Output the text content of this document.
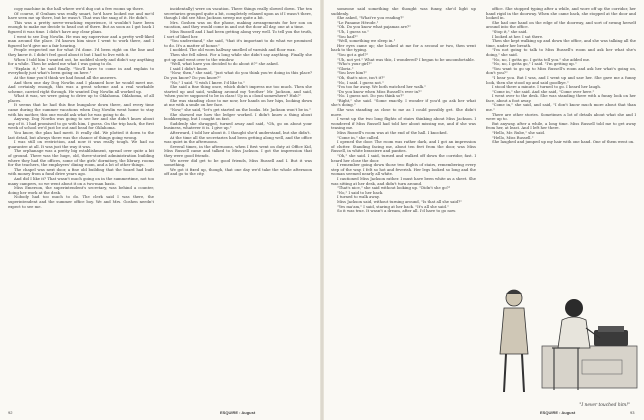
copy machine in the hall where we'd dug out a few rooms up there.

Of course, if Graham was really smart, he'd have looked me and me'd have seen me up there, but he wasn't. That was the snag of it. He didn't.

This was a pretty nerve-wracking experience, it wouldn't have been enough to make me decide to head out of there. But as soon as I got back I figured it was time. I didn't have any clear plans.

I went to see Dog Nowlin. He was my supervisor and a pretty well-liked man around the place. I'd known him since I went to work there, and I figured he'd give me a fair hearing.

People respected me for what I'd done. I'd been right on the line and they knew it. I didn't feel good about it but I had to live with it.

When I told him I wanted out, he nodded slowly and didn't say anything for a while. Then he asked me what I was going to do.

"Explain it," he said finally. "You'll have to come in and explain to everybody just what's been going on here."

At the time you'd think we had found all the answers.

And then one day Dog Nowlin and I planned how he would meet me. And certainly enough, this was a great scheme and a real workable scheme, carried right through. He wanted Dog Nowlin all worked up.

What it was, we were going to drive up to Oklahoma. Oklahoma, of all places.

It seems that he had this fine bungalow down there, and every time came during the summer vacations when Dog Nowlin went home to stay with his mother, this one would ask what he was going to do.

Anyway, Dog Nowlin was going to see her and she didn't know about any of it. I had promised to go with him, I guess. On the trip back, the first week of school we'd just be out and head for Oklahoma.

You know, the plan had merit. It really did. We plotted it down to the last detail, but always there was the chance of things going wrong.

I was still on restriction, and now it was really tough. We had no guarantee at all. It was just the way it was.

The orphanage was a pretty big establishment, spread over quite a bit of ground. There was the huge, old, three-storied administration building where they had the offices, some of the girls' dormitory, the library, rooms for the teachers, the employees' dining room, and a lot of other things.

The chapel was next door, a fine old building that the board had built with money from a fund drive years ago.

And did I like it? That wasn't much going on in the summertime, not too many campers, so we went about it on a two-man basis.

Miss Emerson, the superintendent's secretary, was behind a counter, doing her work at the desk.

Nobody had too much to do. The clerk said I was there, the superintendent and the summer office boy. We and Mrs. Goshen needn't expect to see me.

incidentally) were on vacation. There things really slowed down. The ten secretaries grouped quite a bit, completely relaxed upon as if I wasn't there, though I did see Miss Jackson sweep me quite a bit.

Mrs. Goshen was on the phone, making arrangements for her son on vacation, and they would come in and out the door all day, one at a time.

Miss Russell and I had been getting along very well. To tell you the truth, I sort of liked her.

"You understand," she said, "that it's important to do what we promised to do. It's a matter of honor."

I nodded. The old worn hallway smelled of varnish and floor wax.

Then she fell silent. For a long while she didn't say anything. Finally she got up and went over to the window.

"Well, what have you decided to do about it?" she asked.

I said I didn't know.

"Now, then," she said, "just what do you think you're doing in this place? Do you know? Do you know?"

"No," I said. "I wish I knew. I'd like to."

She said a fine thing once, which didn't impress me too much. Then she started up and said, walking around my 'brother' Mr. Jackson, and said, 'when you're supposed to be in class! Up in a cloud somewhere? Huh?'

She was standing close to me now, her hands on her hips, looking down at me with a smile on her face.

"Now," she said, "let's get started on the books. Mr. Jackson won't be in."

She showed me how the ledger worked. I didn't know a thing about bookkeeping, but I caught on fast.

Suddenly she shrugged, turned away and said, "Oh, go on about your business, whatever it is. I give up."

Afterward, I told her about it. I thought she'd understand, but she didn't.

At the time all the secretaries had been getting along well, and the office was quiet in the afternoons.

Several times, in the afternoons, when I first went on duty at Office Kid, Miss Russell came and talked to Miss Jackson. I got the impression that they were good friends.

We never did get to be good friends, Miss Russell and I. But it was something.

We got it fixed up, though, that one day we'd take the whole afternoon off and go to the city.

someone said something she thought was funny, she'd light up suddenly.

She asked, "What're you reading?"

"Le Paname Hérode."

"Oh. Do you know what pajamas are?"

"Uh, I guess so."

"You had?"

"Well, something we sleep in."

Her eyes came up; she looked at me for a second or two, then went back to the typing.

"You got a girl?"

"Uh, not yet." What was this, I wondered? I began to be uncomfortable.

"Who's your girl?"

"Gloria."

"You love him?"

"Oh, that's nice, isn't it?"

"No, I said. I guess not."

"I'm too far away. We both watched her walk."

"Do you know when Miss Russell's ever in?"

"No. I guess not. Do you think so?"

"Right," she said. "Some exactly. I wonder if you'd go ask her what she's doing."

She was standing as close to me as I could possibly get. She didn't move.

I went up the two long flights of stairs thinking about Miss Jackson. I wondered if Miss Russell had told her about missing me, and if she was teasing me.

Miss Russell's room was at the end of the hall. I knocked.

"Come in," she called.

I opened the door. The room was rather dark, and I got an impression of clutter. Standing facing me, about ten feet from the door, was Miss Russell, in white brassiere and panties.

"Oh," she said. I said, turned and walked off down the corridor, fast. I heard her close the door.

I remember going down those two flights of stairs, remembering every step of the way. I felt so hot and feverish. Her legs looked so long and the woman seemed nearly all white.

I cautioned Miss Jackson rather. I must have been white as a sheet. She was sitting at her desk, and didn't turn around.

"That's nice," she said without looking up. "Didn't she go?"

"No," I said to her back.

I turned to walk away.

Miss Jackson said, without turning around, "Is that all she said?"

"Yes ma'am," I said, staring at her back. "It's all she said."

So it was true. It wasn't a dream, after all. I'd have to go now.

office. She stopped typing after a while, and wore off up the corridor, her hand rigid in the doorway. When she came back, she stopped at the door and looked in.

She had one hand on the edge of the doorway, and sort of swung herself around into the office.

"Stop it," she said.

I looked at her. I sat there.

Then she kept walking up and down the office, and she was talking all the time, under her breath.

"I'm not going to talk to Miss Russell's room and ask her what she's doing," she said.

"No, no, I gotta go. I gotta tell you." she added me.

"No, no, I gotta go," I said. "I'm getting up."

"You want to go up to Miss Russell's room and ask her what's going on, don't you?"

"I hear you. But I was, and I went up and saw her. She gave me a funny look, then she stood up and said goodbye."

I stood there a minute. I turned to go. I heard her laugh.

"Come in," she said. And she said, "Come over here."

I went over to the desk. She was standing there with a funny look on her face, about a foot away.

"Come in," she said, and said, "I don't know much more about that than me."

There are other stories. Sometimes a lot of details about what she and I were up to.

But anyway, after a while, a long time. Miss Russell told me to get away from her, at least. And I left her there.

"Hello, Mr. Rube," she said.

"Hello, Miss Russell."

She laughed and jumped up my hair with one hand. One of them went on.

"I never touched him!"
92	ESQUIRE : August	ESQUIRE : August	93
